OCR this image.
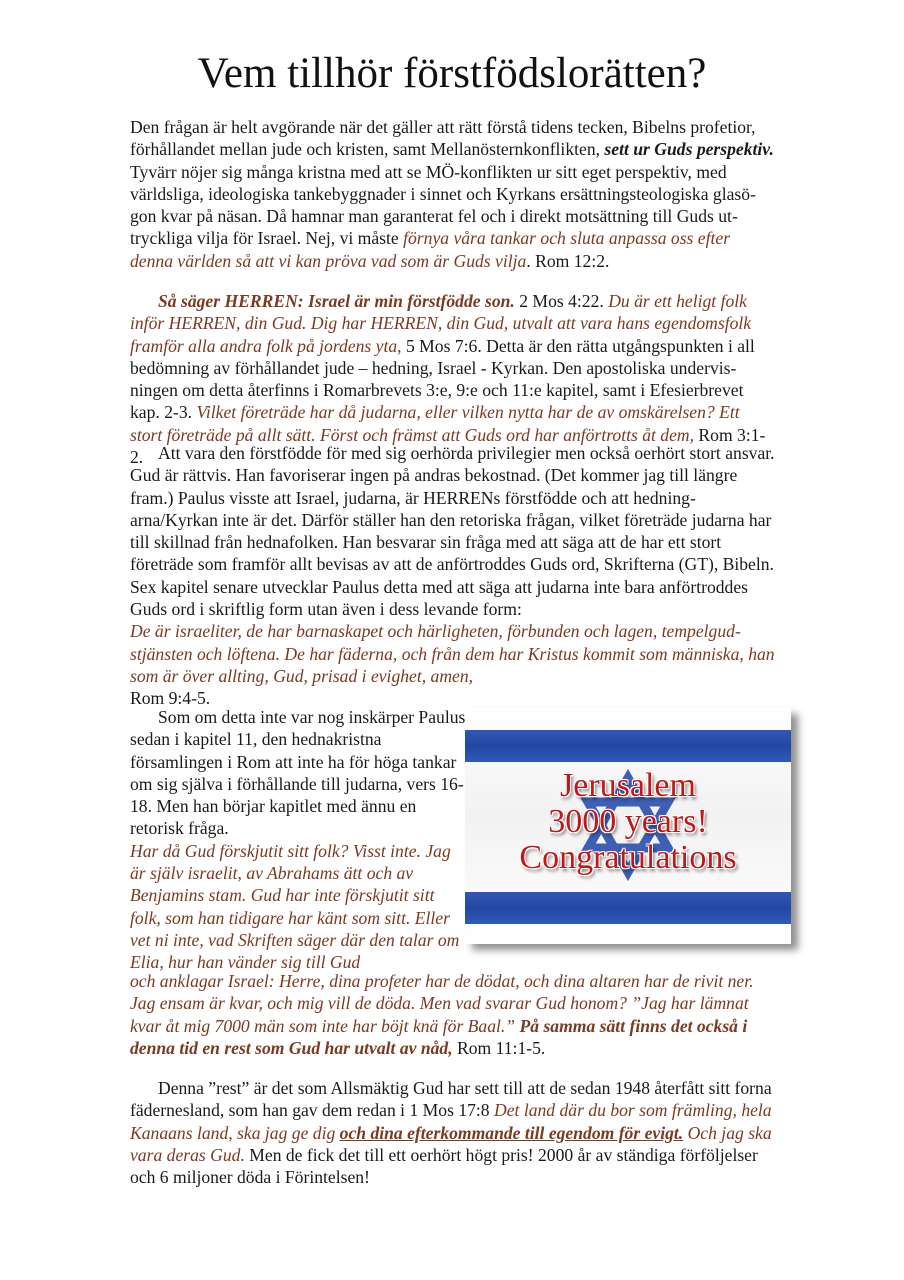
Vem tillhör förstfödslorätten?

Den frågan är helt avgörande när det gäller att rätt förstå tidens tecken, Bibelns profetior, förhållandet mellan jude och kristen, samt Mellanösternkonflikten, sett ur Guds perspektiv. Tyvärr nöjer sig många kristna med att se MÖ-konflikten ur sitt eget perspektiv, med världsliga, ideologiska tankebyggnader i sinnet och Kyrkans ersättningsteologiska glasögon kvar på näsan. Då hamnar man garanterat fel och i direkt motsättning till Guds uttryckliga vilja för Israel. Nej, vi måste förnya våra tankar och sluta anpassa oss efter denna världen så att vi kan pröva vad som är Guds vilja. Rom 12:2.

Så säger HERREN: Israel är min förstfödde son. 2 Mos 4:22. Du är ett heligt folk inför HERREN, din Gud. Dig har HERREN, din Gud, utvalt att vara hans egendomsfolk framför alla andra folk på jordens yta, 5 Mos 7:6. Detta är den rätta utgångspunkten i all bedömning av förhållandet jude – hedning, Israel - Kyrkan. Den apostoliska undervisningen om detta återfinns i Romarbrevets 3:e, 9:e och 11:e kapitel, samt i Efesierbrevet kap. 2-3. Vilket företräde har då judarna, eller vilken nytta har de av omskärelsen? Ett stort företräde på allt sätt. Först och främst att Guds ord har anförtrotts åt dem, Rom 3:1-2. Att vara den förstfödde för med sig oerhörda privilegier men också oerhört stort ansvar. Gud är rättvis. Han favoriserar ingen på andras bekostnad. (Det kommer jag till längre fram.) Paulus visste att Israel, judarna, är HERRENs förstfödde och att hedningarna/Kyrkan inte är det. Därför ställer han den retoriska frågan, vilket företräde judarna har till skillnad från hednafolken. Han besvarar sin fråga med att säga att de har ett stort företräde som framför allt bevisas av att de anförtroddes Guds ord, Skrifterna (GT), Bibeln. Sex kapitel senare utvecklar Paulus detta med att säga att judarna inte bara anförtroddes Guds ord i skriftlig form utan även i dess levande form:
De är israeliter, de har barnaskapet och härligheten, förbunden och lagen, tempelgudstjänsten och löftena. De har fäderna, och från dem har Kristus kommit som människa, han som är över allting, Gud, prisad i evighet, amen, Rom 9:4-5.

Som om detta inte var nog inskärper Paulus sedan i kapitel 11, den hednakristna församlingen i Rom att inte ha för höga tankar om sig själva i förhållande till judarna, vers 16-18. Men han börjar kapitlet med ännu en retorisk fråga.
Har då Gud förskjutit sitt folk? Visst inte. Jag är själv israelit, av Abrahams ätt och av Benjamins stam. Gud har inte förskjutit sitt folk, som han tidigare har känt som sitt. Eller vet ni inte, vad Skriften säger där den talar om Elia, hur han vänder sig till Gud

och anklagar Israel: Herre, dina profeter har de dödat, och dina altaren har de rivit ner. Jag ensam är kvar, och mig vill de döda. Men vad svarar Gud honom? ”Jag har lämnat kvar åt mig 7000 män som inte har böjt knä för Baal.” På samma sätt finns det också i denna tid en rest som Gud har utvalt av nåd, Rom 11:1-5.

Denna ”rest” är det som Allsmäktig Gud har sett till att de sedan 1948 återfått sitt forna fädernesland, som han gav dem redan i 1 Mos 17:8 Det land där du bor som främling, hela Kanaans land, ska jag ge dig och dina efterkommande till egendom för evigt. Och jag ska vara deras Gud. Men de fick det till ett oerhört högt pris! 2000 år av ständiga förföljelser och 6 miljoner döda i Förintelsen!

Jerusalem
3000 years!
Congratulations
